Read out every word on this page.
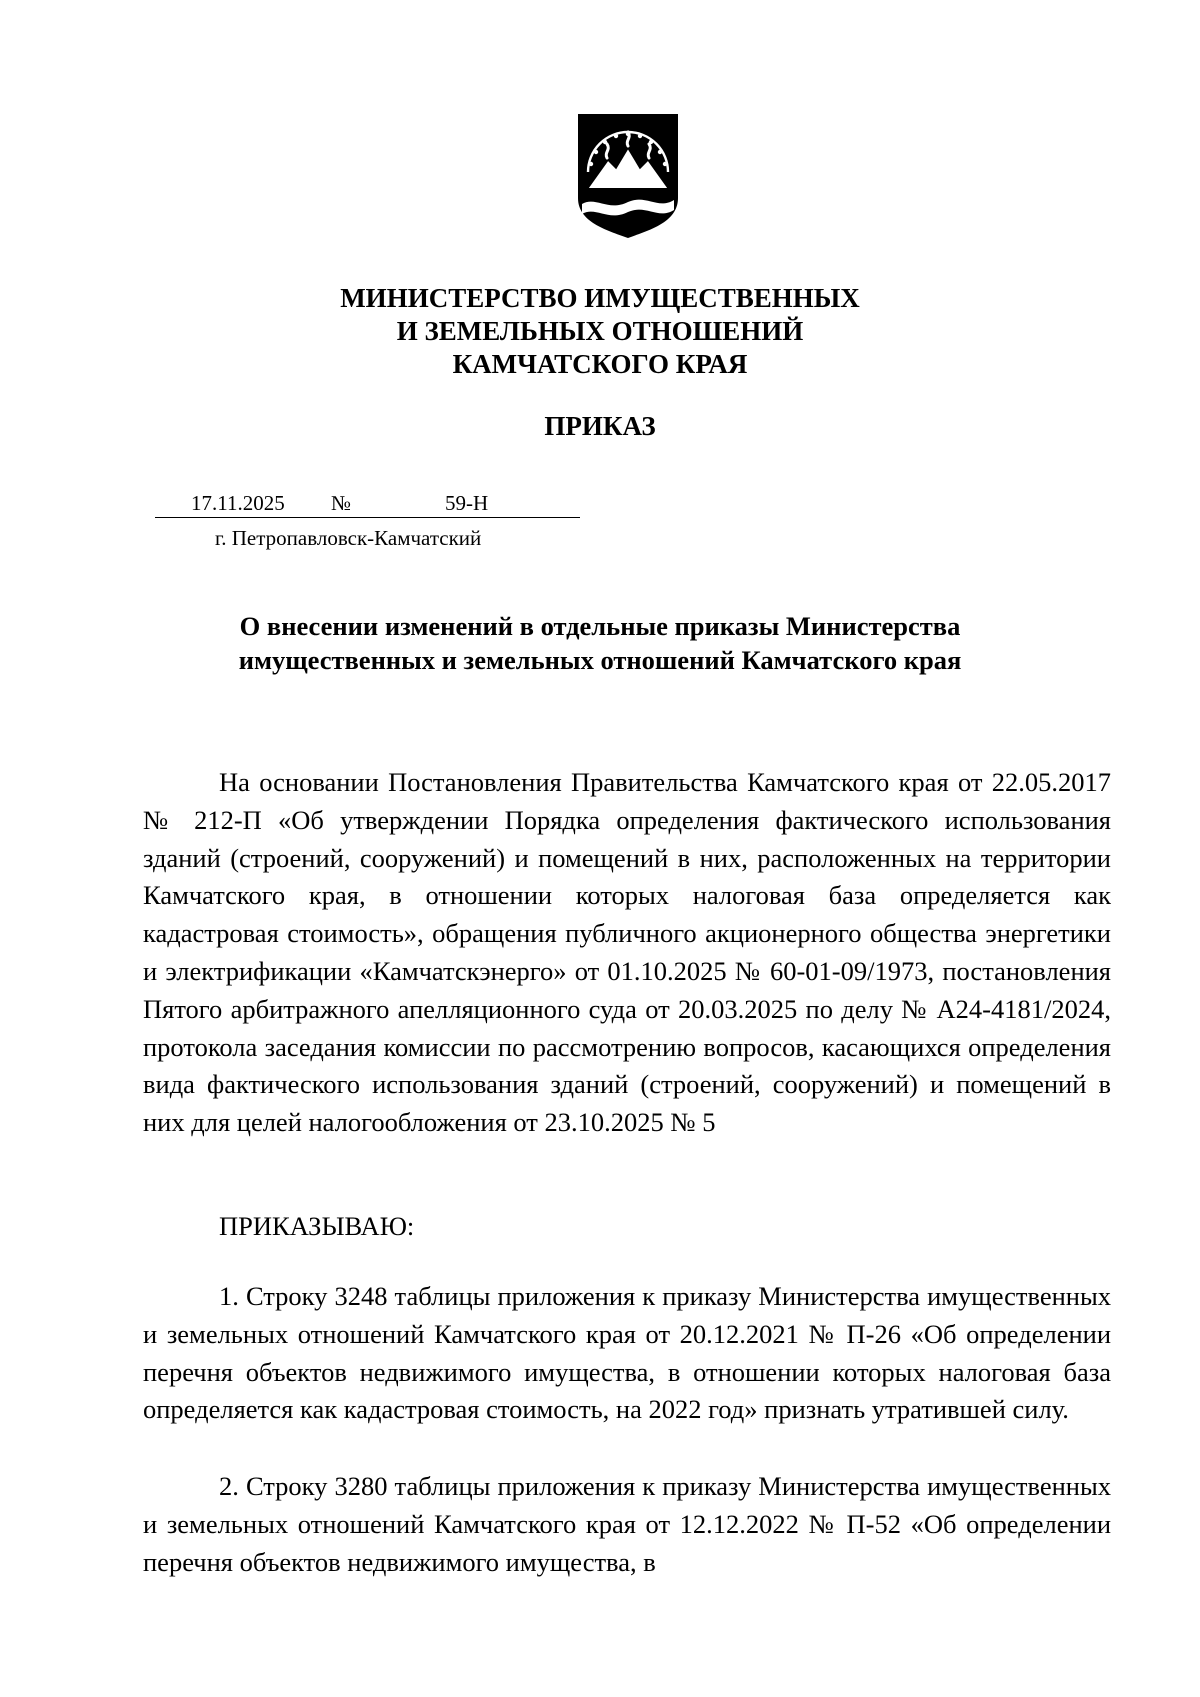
МИНИСТЕРСТВО ИМУЩЕСТВЕННЫХ
И ЗЕМЕЛЬНЫХ ОТНОШЕНИЙ
КАМЧАТСКОГО КРАЯ
ПРИКАЗ
17.11.2025 №	59-Н
г. Петропавловск-Камчатский
О внесении изменений в отдельные приказы Министерства
имущественных и земельных отношений Камчатского края

На основании Постановления Правительства Камчатского края от 22.05.2017 № 212-П «Об утверждении Порядка определения фактического использования зданий (строений, сооружений) и помещений в них, расположенных на территории Камчатского края, в отношении которых налоговая база определяется как кадастровая стоимость», обращения публичного акционерного общества энергетики и электрификации «Камчатскэнерго» от 01.10.2025 № 60-01-09/1973, постановления Пятого арбитражного апелляционного суда от 20.03.2025 по делу № А24-4181/2024, протокола заседания комиссии по рассмотрению вопросов, касающихся определения вида фактического использования зданий (строений, сооружений) и помещений в них для целей налогообложения от 23.10.2025 № 5

ПРИКАЗЫВАЮ:

1. Строку 3248 таблицы приложения к приказу Министерства имущественных и земельных отношений Камчатского края от 20.12.2021 № П-26 «Об определении перечня объектов недвижимого имущества, в отношении которых налоговая база определяется как кадастровая стоимость, на 2022 год» признать утратившей силу.

2. Строку 3280 таблицы приложения к приказу Министерства имущественных и земельных отношений Камчатского края от 12.12.2022 № П-52 «Об определении перечня объектов недвижимого имущества, в
